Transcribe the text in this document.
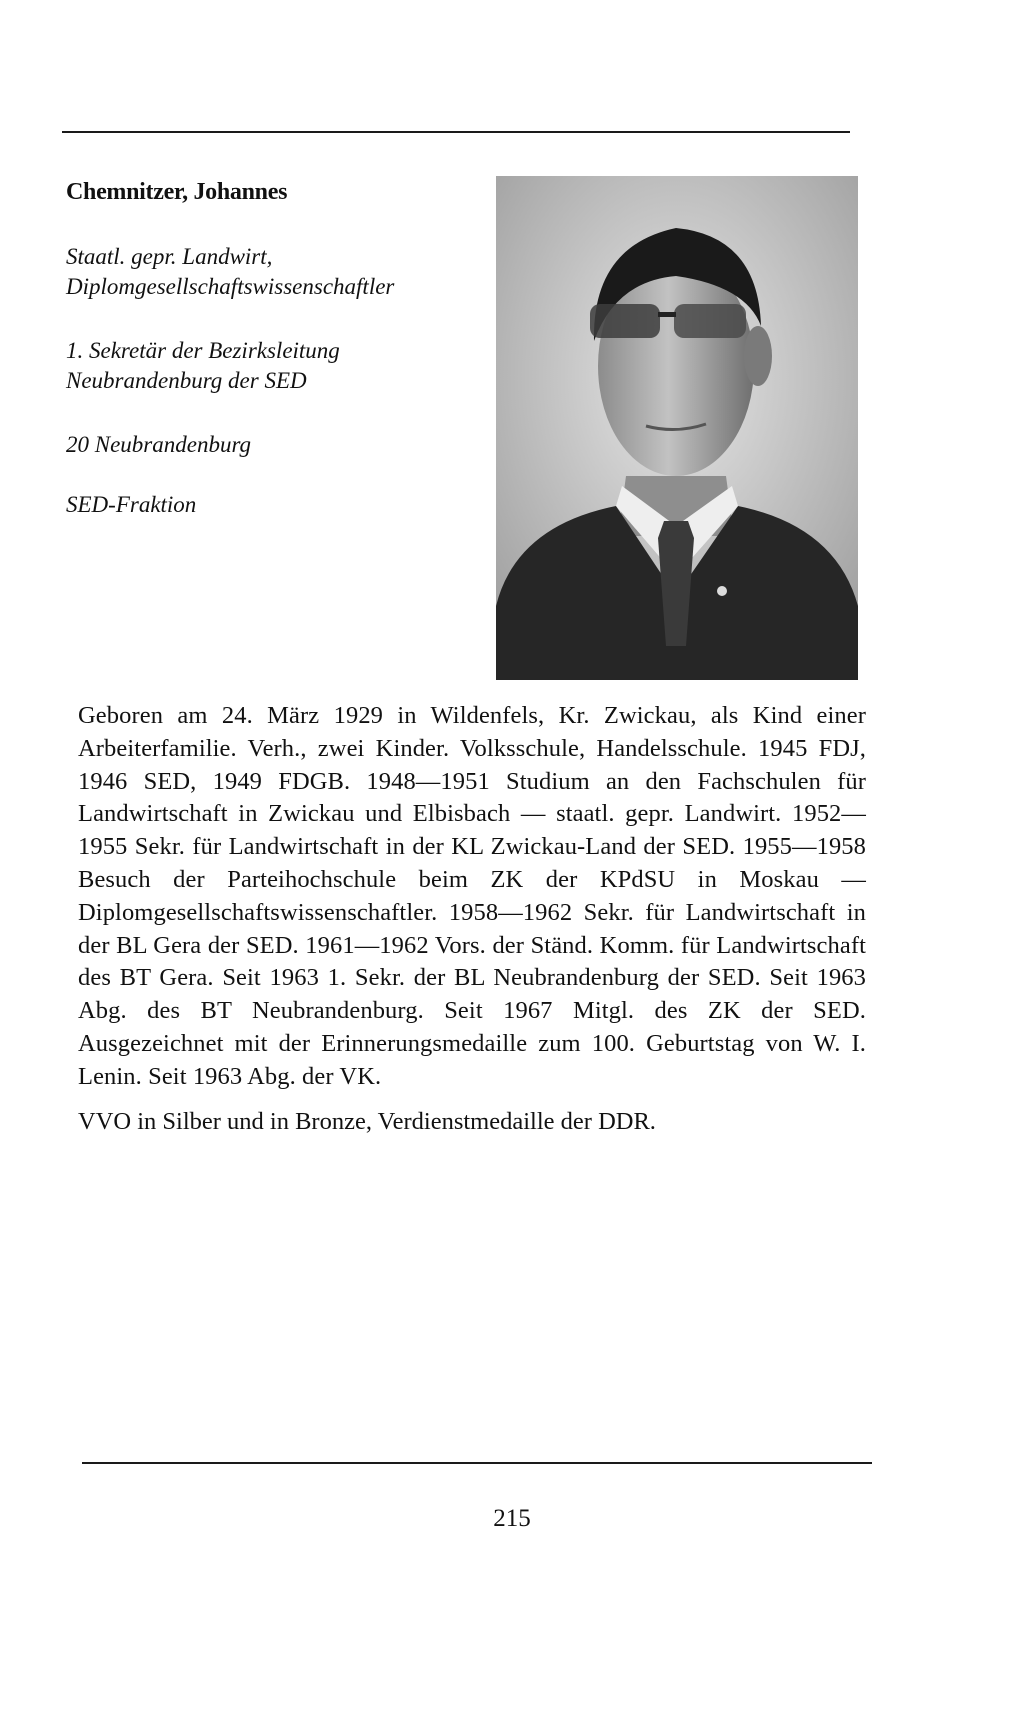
Chemnitzer, Johannes
Staatl. gepr. Landwirt,
Diplomgesellschaftswissenschaftler
1. Sekretär der Bezirksleitung
Neubrandenburg der SED
20 Neubrandenburg
SED-Fraktion
Geboren am 24. März 1929 in Wildenfels, Kr. Zwickau, als Kind einer Arbeiterfamilie. Verh., zwei Kinder. Volksschule, Handelsschule. 1945 FDJ, 1946 SED, 1949 FDGB. 1948—1951 Studium an den Fachschulen für Landwirtschaft in Zwickau und Elbisbach — staatl. gepr. Landwirt. 1952—1955 Sekr. für Landwirtschaft in der KL Zwickau-Land der SED. 1955—1958 Besuch der Parteihochschule beim ZK der KPdSU in Moskau — Diplomgesellschaftswissenschaftler. 1958—1962 Sekr. für Landwirtschaft in der BL Gera der SED. 1961—1962 Vors. der Ständ. Komm. für Landwirtschaft des BT Gera. Seit 1963 1. Sekr. der BL Neubrandenburg der SED. Seit 1963 Abg. des BT Neubrandenburg. Seit 1967 Mitgl. des ZK der SED. Ausgezeichnet mit der Erinnerungsmedaille zum 100. Geburtstag von W. I. Lenin. Seit 1963 Abg. der VK.
VVO in Silber und in Bronze, Verdienstmedaille der DDR.
215
